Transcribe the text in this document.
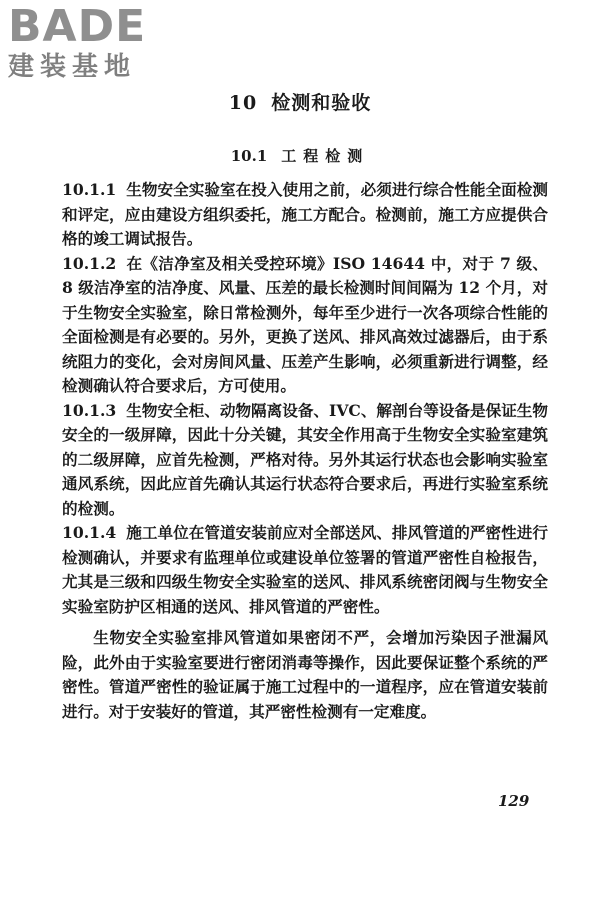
BADE
建装基地
10 检测和验收
10.1 工程检测

10.1.1 生物安全实验室在投入使用之前，必须进行综合性能全面检测和评定，应由建设方组织委托，施工方配合。检测前，施工方应提供合格的竣工调试报告。

10.1.2 在《洁净室及相关受控环境》ISO 14644 中，对于 7 级、8 级洁净室的洁净度、风量、压差的最长检测时间间隔为 12 个月，对于生物安全实验室，除日常检测外，每年至少进行一次各项综合性能的全面检测是有必要的。另外，更换了送风、排风高效过滤器后，由于系统阻力的变化，会对房间风量、压差产生影响，必须重新进行调整，经检测确认符合要求后，方可使用。

10.1.3 生物安全柜、动物隔离设备、IVC、解剖台等设备是保证生物安全的一级屏障，因此十分关键，其安全作用高于生物安全实验室建筑的二级屏障，应首先检测，严格对待。另外其运行状态也会影响实验室通风系统，因此应首先确认其运行状态符合要求后，再进行实验室系统的检测。

10.1.4 施工单位在管道安装前应对全部送风、排风管道的严密性进行检测确认，并要求有监理单位或建设单位签署的管道严密性自检报告，尤其是三级和四级生物安全实验室的送风、排风系统密闭阀与生物安全实验室防护区相通的送风、排风管道的严密性。

生物安全实验室排风管道如果密闭不严，会增加污染因子泄漏风险，此外由于实验室要进行密闭消毒等操作，因此要保证整个系统的严密性。管道严密性的验证属于施工过程中的一道程序，应在管道安装前进行。对于安装好的管道，其严密性检测有一定难度。

129
